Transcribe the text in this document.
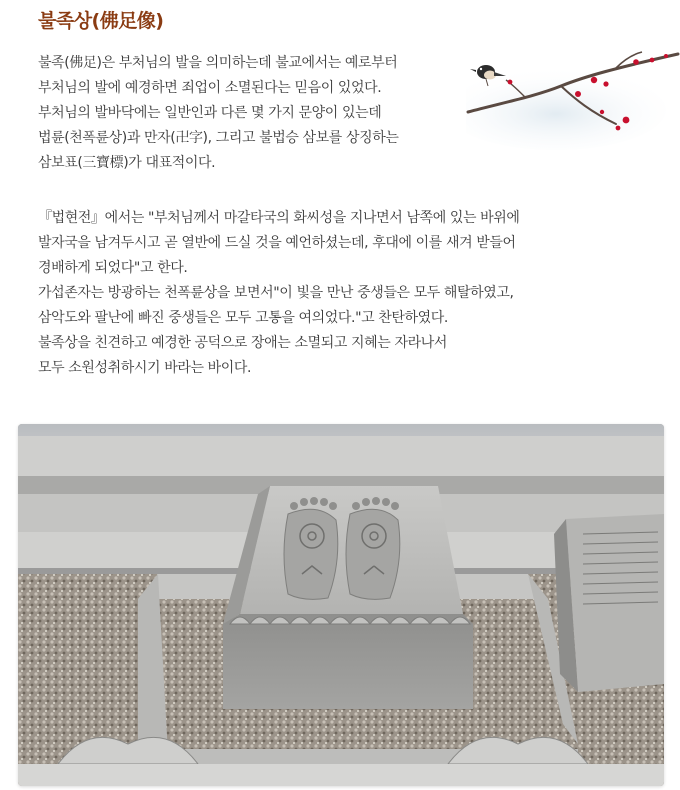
불족상(佛足像)
불족(佛足)은 부처님의 발을 의미하는데 불교에서는 예로부터
부처님의 발에 예경하면 죄업이 소멸된다는 믿음이 있었다.
부처님의 발바닥에는 일반인과 다른 몇 가지 문양이 있는데
법륜(천폭륜상)과 만자(卍字), 그리고 불법승 삼보를 상징하는
삼보표(三寶標)가 대표적이다.
『법현전』에서는 "부처님께서 마갈타국의 화씨성을 지나면서 남쪽에 있는 바위에
발자국을 남겨두시고 곧 열반에 드실 것을 예언하셨는데, 후대에 이를 새겨 받들어
경배하게 되었다"고 한다.
가섭존자는 방광하는 천폭륜상을 보면서"이 빛을 만난 중생들은 모두 해탈하였고,
삼악도와 팔난에 빠진 중생들은 모두 고통을 여의었다."고 찬탄하였다.
불족상을 친견하고 예경한 공덕으로 장애는 소멸되고 지혜는 자라나서
모두 소원성취하시기 바라는 바이다.
